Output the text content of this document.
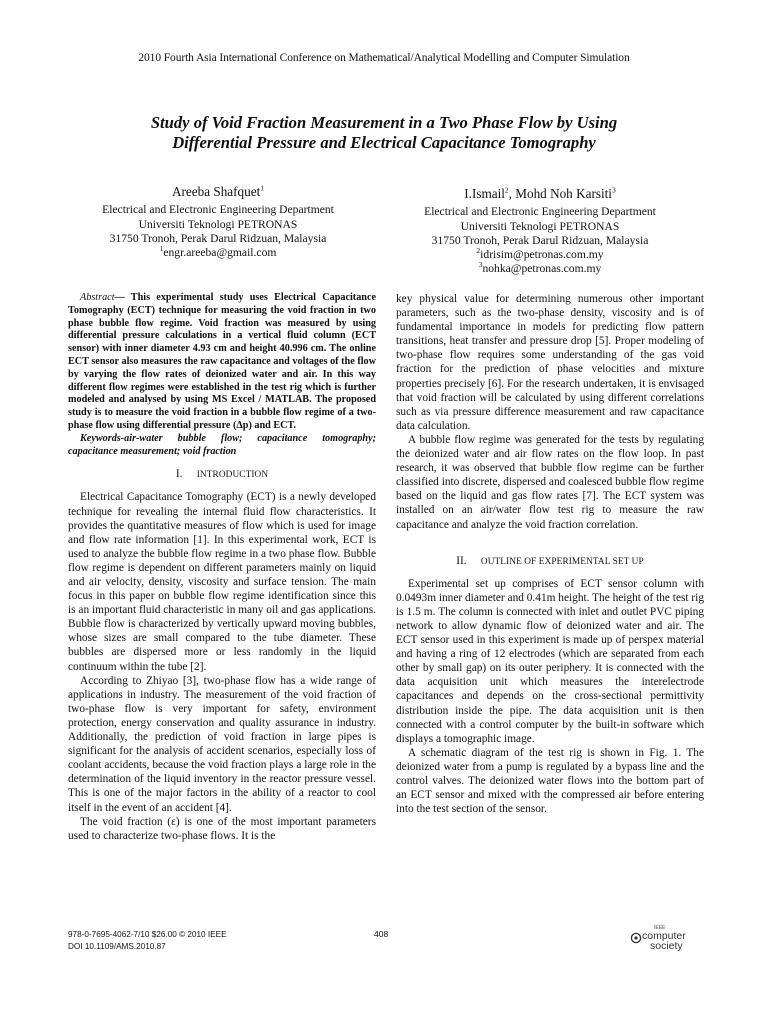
2010 Fourth Asia International Conference on Mathematical/Analytical Modelling and Computer Simulation
Study of Void Fraction Measurement in a Two Phase Flow by Using
Differential Pressure and Electrical Capacitance Tomography
Areeba Shafquet$^1$
Electrical and Electronic Engineering Department
Universiti Teknologi PETRONAS
31750 Tronoh, Perak Darul Ridzuan, Malaysia
$^1$engr.areeba@gmail.com
I.Ismail$^2$, Mohd Noh Karsiti$^3$
Electrical and Electronic Engineering Department
Universiti Teknologi PETRONAS
31750 Tronoh, Perak Darul Ridzuan, Malaysia
$^2$idrisim@petronas.com.my
$^3$nohka@petronas.com.my

Abstract— This experimental study uses Electrical Capacitance Tomography (ECT) technique for measuring the void fraction in two phase bubble flow regime. Void fraction was measured by using differential pressure calculations in a vertical fluid column (ECT sensor) with inner diameter 4.93 cm and height 40.996 cm. The online ECT sensor also measures the raw capacitance and voltages of the flow by varying the flow rates of deionized water and air. In this way different flow regimes were established in the test rig which is further modeled and analysed by using MS Excel / MATLAB. The proposed study is to measure the void fraction in a bubble flow regime of a two-phase flow using differential pressure (Δp) and ECT.

Keywords-air-water bubble flow; capacitance tomography; capacitance measurement; void fraction

I. INTRODUCTION

Electrical Capacitance Tomography (ECT) is a newly developed technique for revealing the internal fluid flow characteristics. It provides the quantitative measures of flow which is used for image and flow rate information [1]. In this experimental work, ECT is used to analyze the bubble flow regime in a two phase flow. Bubble flow regime is dependent on different parameters mainly on liquid and air velocity, density, viscosity and surface tension. The main focus in this paper on bubble flow regime identification since this is an important fluid characteristic in many oil and gas applications. Bubble flow is characterized by vertically upward moving bubbles, whose sizes are small compared to the tube diameter. These bubbles are dispersed more or less randomly in the liquid continuum within the tube [2].

According to Zhiyao [3], two-phase flow has a wide range of applications in industry. The measurement of the void fraction of two-phase flow is very important for safety, environment protection, energy conservation and quality assurance in industry. Additionally, the prediction of void fraction in large pipes is significant for the analysis of accident scenarios, especially loss of coolant accidents, because the void fraction plays a large role in the determination of the liquid inventory in the reactor pressure vessel. This is one of the major factors in the ability of a reactor to cool itself in the event of an accident [4].

The void fraction (ε) is one of the most important parameters used to characterize two-phase flows. It is the

key physical value for determining numerous other important parameters, such as the two-phase density, viscosity and is of fundamental importance in models for predicting flow pattern transitions, heat transfer and pressure drop [5]. Proper modeling of two-phase flow requires some understanding of the gas void fraction for the prediction of phase velocities and mixture properties precisely [6]. For the research undertaken, it is envisaged that void fraction will be calculated by using different correlations such as via pressure difference measurement and raw capacitance data calculation.

A bubble flow regime was generated for the tests by regulating the deionized water and air flow rates on the flow loop. In past research, it was observed that bubble flow regime can be further classified into discrete, dispersed and coalesced bubble flow regime based on the liquid and gas flow rates [7]. The ECT system was installed on an air/water flow test rig to measure the raw capacitance and analyze the void fraction correlation.

II. OUTLINE OF EXPERIMENTAL SET UP

Experimental set up comprises of ECT sensor column with 0.0493m inner diameter and 0.41m height. The height of the test rig is 1.5 m. The column is connected with inlet and outlet PVC piping network to allow dynamic flow of deionized water and air. The ECT sensor used in this experiment is made up of perspex material and having a ring of 12 electrodes (which are separated from each other by small gap) on its outer periphery. It is connected with the data acquisition unit which measures the interelectrode capacitances and depends on the cross-sectional permittivity distribution inside the pipe. The data acquisition unit is then connected with a control computer by the built-in software which displays a tomographic image.

A schematic diagram of the test rig is shown in Fig. 1. The deionized water from a pump is regulated by a bypass line and the control valves. The deionized water flows into the bottom part of an ECT sensor and mixed with the compressed air before entering into the test section of the sensor.

978-0-7695-4062-7/10 $26.00 © 2010 IEEE
DOI 10.1109/AMS.2010.87
408
IEEE
computer
society
